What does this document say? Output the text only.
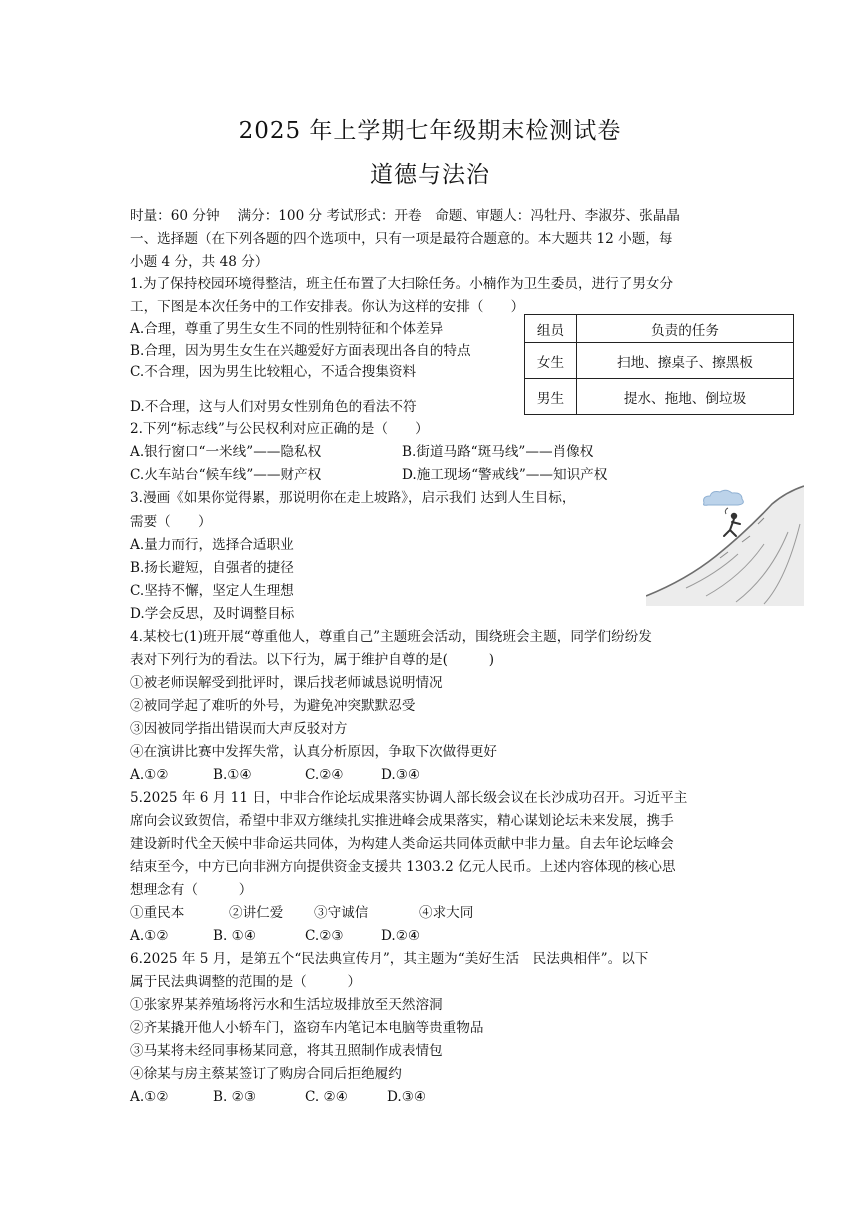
2025 年上学期七年级期末检测试卷
道德与法治
时量：60 分钟　 满分：100 分 考试形式：开卷　命题、审题人：冯牡丹、李淑芬、张晶晶
一、选择题（在下列各题的四个选项中，只有一项是最符合题意的。本大题共 12 小题，每
小题 4 分，共 48 分）
1.为了保持校园环境得整洁，班主任布置了大扫除任务。小楠作为卫生委员，进行了男女分
工，下图是本次任务中的工作安排表。你认为这样的安排（　　）
A.合理，尊重了男生女生不同的性别特征和个体差异
B.合理，因为男生女生在兴趣爱好方面表现出各自的特点
C.不合理，因为男生比较粗心，不适合搜集资料
D.不合理，这与人们对男女性别角色的看法不符
组员	负责的任务
女生	扫地、擦桌子、擦黑板
男生	提水、拖地、倒垃圾
2.下列“标志线”与公民权利对应正确的是（　　）
A.银行窗口“一米线”——隐私权	B.街道马路“斑马线”——肖像权
C.火车站台“候车线”——财产权	D.施工现场“警戒线”——知识产权
3.漫画《如果你觉得累，那说明你在走上坡路》，启示我们 达到人生目标，
需要（　　）
A.量力而行，选择合适职业
B.扬长避短，自强者的捷径
C.坚持不懈，坚定人生理想
D.学会反思，及时调整目标
4.某校七(1)班开展“尊重他人，尊重自己”主题班会活动，围绕班会主题，同学们纷纷发
表对下列行为的看法。以下行为，属于维护自尊的是(　　　)
①被老师误解受到批评时，课后找老师诚恳说明情况
②被同学起了难听的外号，为避免冲突默默忍受
③因被同学指出错误而大声反驳对方
④在演讲比赛中发挥失常，认真分析原因，争取下次做得更好
A.①②	B.①④	C.②④	D.③④
5.2025 年 6 月 11 日，中非合作论坛成果落实协调人部长级会议在长沙成功召开。习近平主
席向会议致贺信，希望中非双方继续扎实推进峰会成果落实，精心谋划论坛未来发展，携手
建设新时代全天候中非命运共同体，为构建人类命运共同体贡献中非力量。自去年论坛峰会
结束至今，中方已向非洲方向提供资金支援共 1303.2 亿元人民币。上述内容体现的核心思
想理念有（　　　）
①重民本	②讲仁爱 ③守诚信	④求大同
A.①②	B. ①④	C.②③	D.②④
6.2025 年 5 月，是第五个“民法典宣传月”，其主题为“美好生活　民法典相伴”。以下
属于民法典调整的范围的是（　　　）
①张家界某养殖场将污水和生活垃圾排放至天然溶洞
②齐某撬开他人小轿车门，盗窃车内笔记本电脑等贵重物品
③马某将未经同事杨某同意，将其丑照制作成表情包
④徐某与房主蔡某签订了购房合同后拒绝履约
A.①②	B. ②③	C. ②④	D.③④
